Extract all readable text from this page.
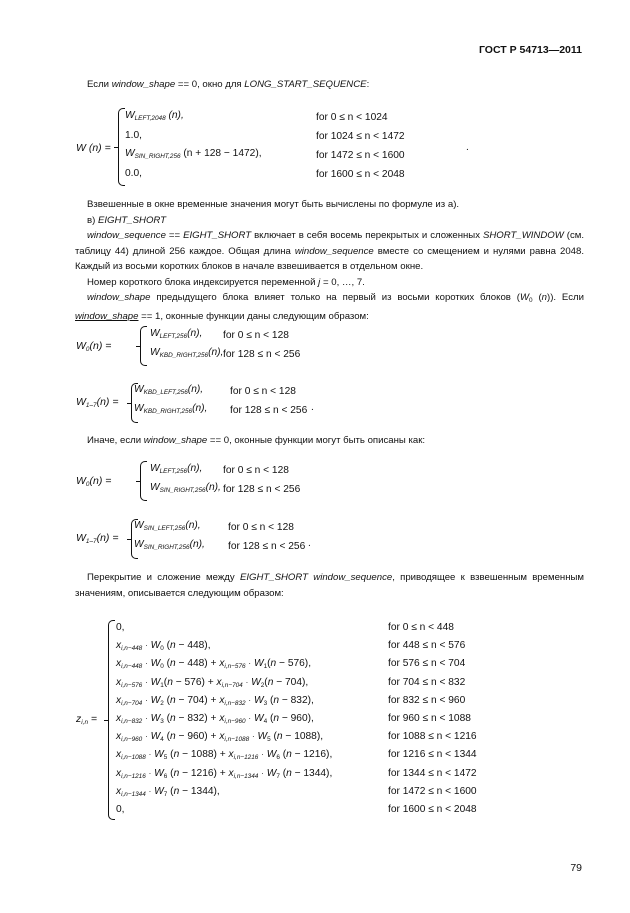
ГОСТ Р 54713—2011

Если window_shape == 0, окно для LONG_START_SEQUENCE:

W (n) =
$W_{LEFT,2048}$ (n),	for 0 ≤ n < 1024
1.0,	for 1024 ≤ n < 1472
$W_{SIN\_RIGHT,256}$ (n + 128 − 1472),	for 1472 ≤ n < 1600
0.0,	for 1600 ≤ n < 2048
.

Взвешенные в окне временные значения могут быть вычислены по формуле из а).

в) EIGHT_SHORT

window_sequence == EIGHT_SHORT включает в себя восемь перекрытых и сложенных SHORT_WINDOW (см. таблицу 44) длиной 256 каждое. Общая длина window_sequence вместе со смещением и нулями равна 2048. Каждый из восьми коротких блоков в начале взвешивается в отдельном окне.

Номер короткого блока индексируется переменной j = 0, …, 7.

window_shape предыдущего блока влияет только на первый из восьми коротких блоков ($W_0$ (n)). Если window_shape == 1, оконные функции даны следующим образом:

$W_0(n)$ =
$W_{LEFT,256}(n)$, for 0 ≤ n < 128
$W_{KBD\_RIGHT,256}(n)$, for 128 ≤ n < 256
$W_{1-7}(n)$ =
$W_{KBD\_LEFT,256}(n)$,	for 0 ≤ n < 128
$W_{KBD\_RIGHT,256}(n)$, for 128 ≤ n < 256 .

Иначе, если window_shape == 0, оконные функции могут быть описаны как:

$W_0(n)$ =
$W_{LEFT,256}(n)$, for 0 ≤ n < 128
$W_{SIN\_RIGHT,256}(n)$, for 128 ≤ n < 256
$W_{1-7}(n)$ =
$W_{SIN\_LEFT,256}(n)$,	for 0 ≤ n < 128
$W_{SIN\_RIGHT,256}(n)$, for 128 ≤ n < 256 .

Перекрытие и сложение между EIGHT_SHORT window_sequence, приводящее к взвешенным временным значениям, описывается следующим образом:

$z_{i,n}$ =
0,	for 0 ≤ n < 448
$x_{i,n-448} \cdot W_0$ (n − 448),	for 448 ≤ n < 576
$x_{i,n-448} \cdot W_0$ $(n - 448) + x_{i,n-576} \cdot W_1(n - 576)$,	for 576 ≤ n < 704
$x_{i,n-576} \cdot W_1(n - 576) + x_{i,n-704} \cdot W_2(n - 704)$,	for 704 ≤ n < 832
$x_{i,n-704} \cdot W_2$ $(n - 704) + x_{i,n-832} \cdot W_3$ (n − 832),	for 832 ≤ n < 960
$x_{i,n-832} \cdot W_3$ $(n - 832) + x_{i,n-960} \cdot W_4$ (n − 960),	for 960 ≤ n < 1088
$x_{i,n-960} \cdot W_4$ $(n - 960) + x_{i,n-1088} \cdot W_5$ (n − 1088),	for 1088 ≤ n < 1216
$x_{i,n-1088} \cdot W_5$ $(n - 1088) + x_{i,n-1216} \cdot W_6$ (n − 1216),	for 1216 ≤ n < 1344
$x_{i,n-1216} \cdot W_6$ $(n - 1216) + x_{i,n-1344} \cdot W_7$ (n − 1344),	for 1344 ≤ n < 1472
$x_{i,n-1344} \cdot W_7$ (n − 1344),	for 1472 ≤ n < 1600
0,	for 1600 ≤ n < 2048
79
